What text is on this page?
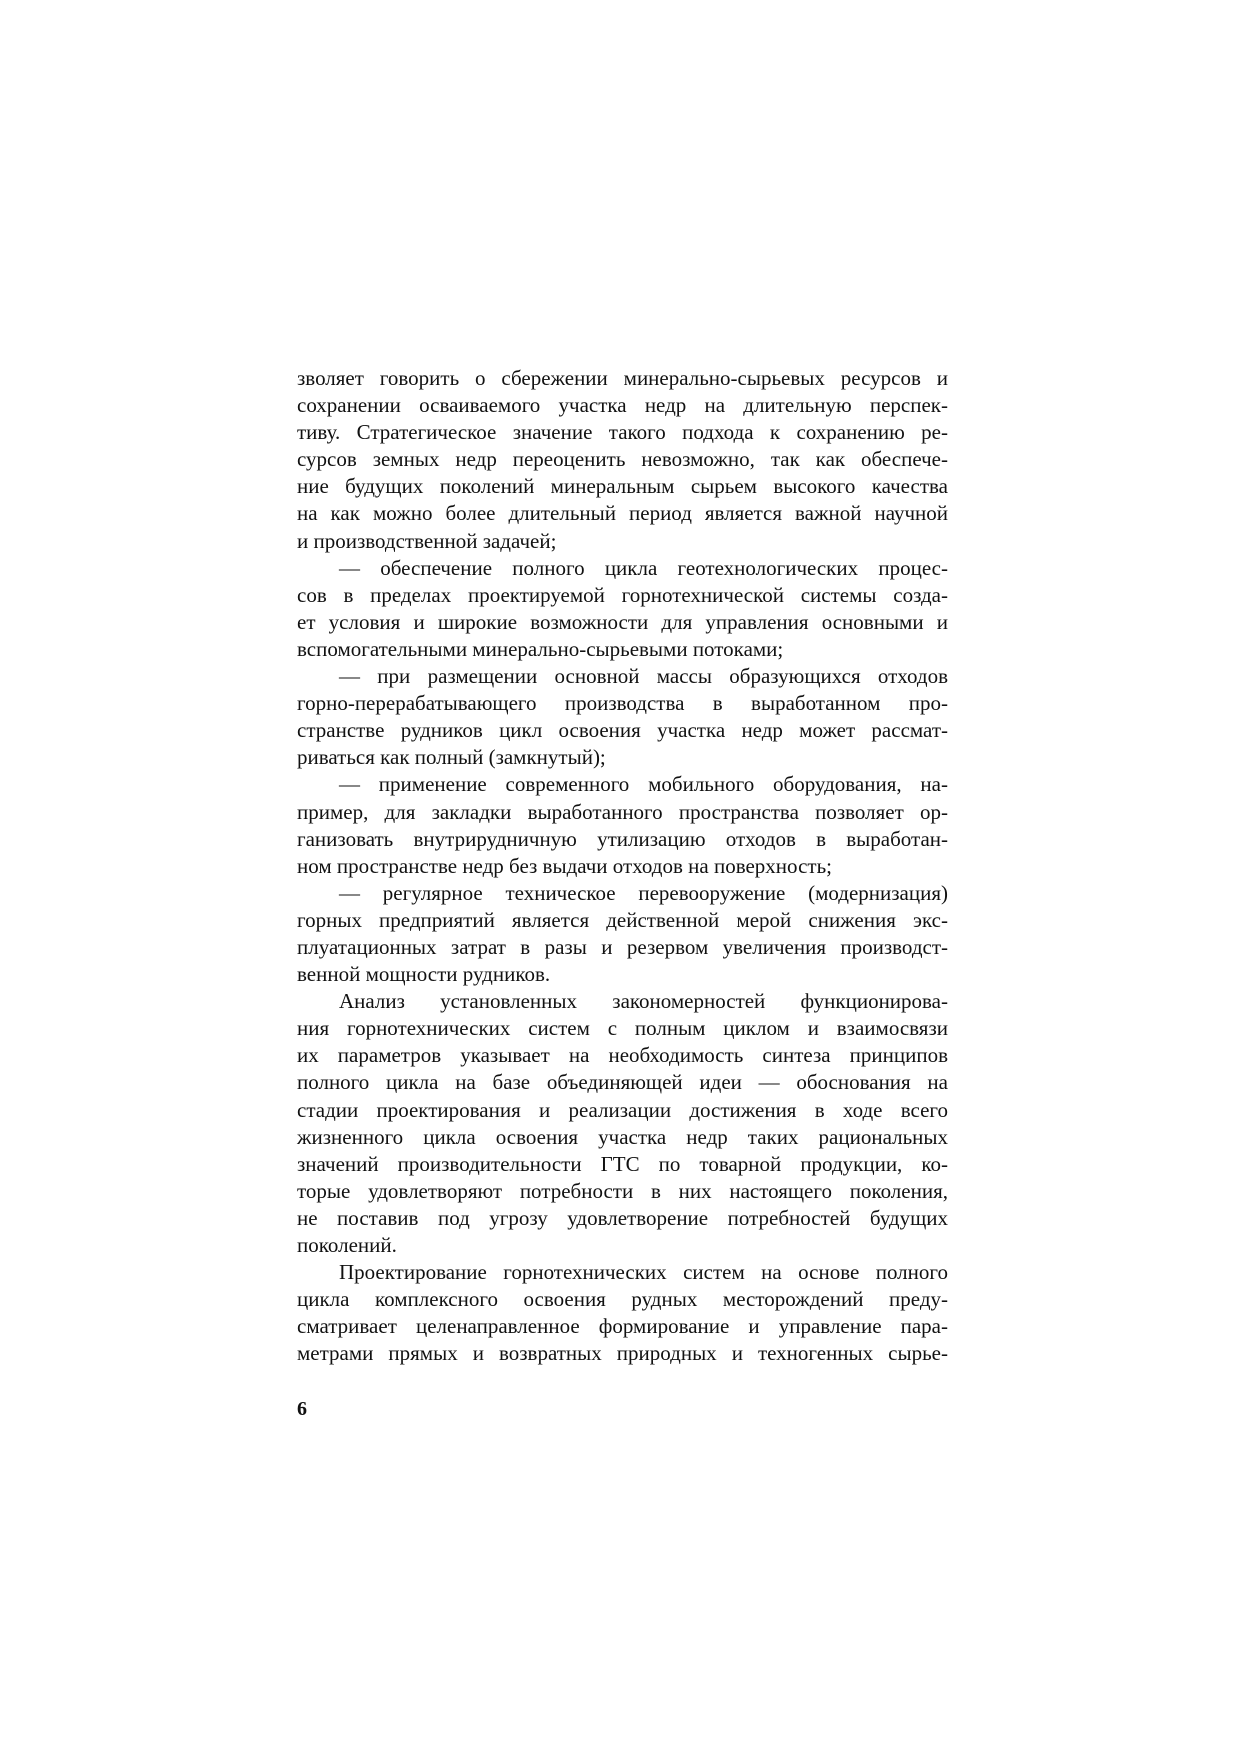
зволяет говорить о сбережении минерально-сырьевых ресурсов и
сохранении осваиваемого участка недр на длительную перспек-
тиву. Стратегическое значение такого подхода к сохранению ре-
сурсов земных недр переоценить невозможно, так как обеспече-
ние будущих поколений минеральным сырьем высокого качества
на как можно более длительный период является важной научной
и производственной задачей;
— обеспечение полного цикла геотехнологических процес-
сов в пределах проектируемой горнотехнической системы созда-
ет условия и широкие возможности для управления основными и
вспомогательными минерально-сырьевыми потоками;
— при размещении основной массы образующихся отходов
горно-перерабатывающего производства в выработанном про-
странстве рудников цикл освоения участка недр может рассмат-
риваться как полный (замкнутый);
— применение современного мобильного оборудования, на-
пример, для закладки выработанного пространства позволяет ор-
ганизовать внутрирудничную утилизацию отходов в выработан-
ном пространстве недр без выдачи отходов на поверхность;
— регулярное техническое перевооружение (модернизация)
горных предприятий является действенной мерой снижения экс-
плуатационных затрат в разы и резервом увеличения производст-
венной мощности рудников.
Анализ установленных закономерностей функционирова-
ния горнотехнических систем с полным циклом и взаимосвязи
их параметров указывает на необходимость синтеза принципов
полного цикла на базе объединяющей идеи — обоснования на
стадии проектирования и реализации достижения в ходе всего
жизненного цикла освоения участка недр таких рациональных
значений производительности ГТС по товарной продукции, ко-
торые удовлетворяют потребности в них настоящего поколения,
не поставив под угрозу удовлетворение потребностей будущих
поколений.
Проектирование горнотехнических систем на основе полного
цикла комплексного освоения рудных месторождений преду-
сматривает целенаправленное формирование и управление пара-
метрами прямых и возвратных природных и техногенных сырье-
6
